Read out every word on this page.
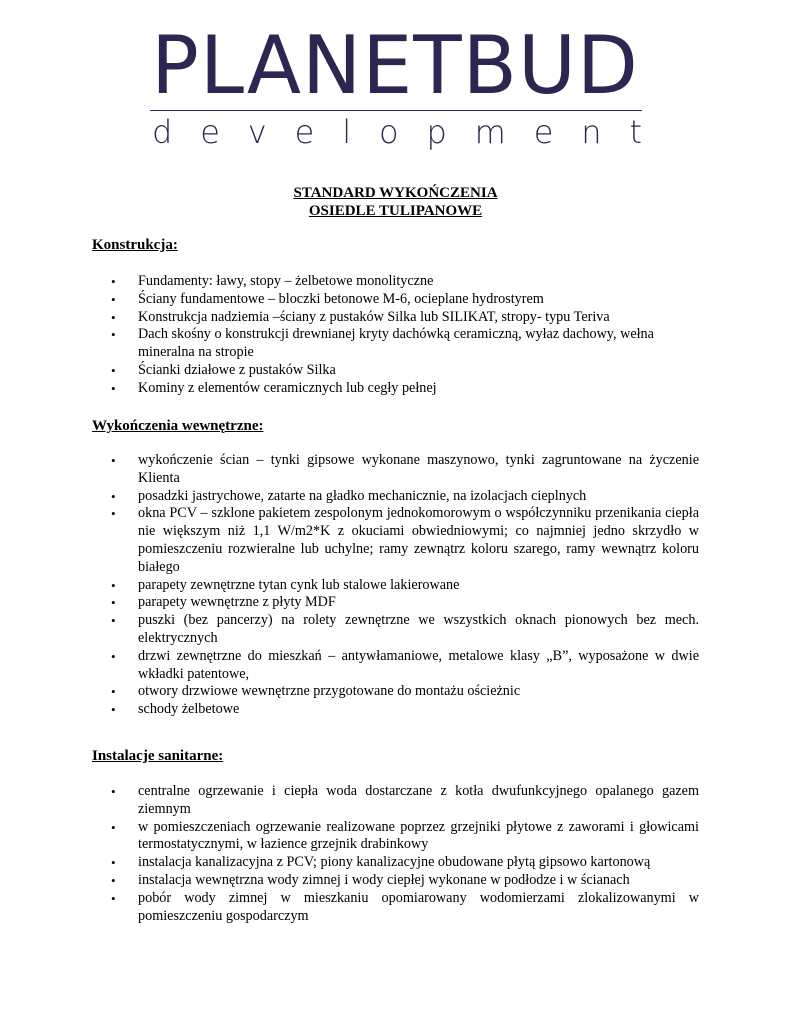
PLANETBUD
d e v e l o p m e n t
STANDARD WYKOŃCZENIA
OSIEDLE TULIPANOWE
Konstrukcja:
• Fundamenty: ławy, stopy – żelbetowe monolityczne
• Ściany fundamentowe – bloczki betonowe M-6, ocieplane hydrostyrem
• Konstrukcja nadziemia –ściany z pustaków Silka lub SILIKAT, stropy- typu Teriva
• Dach skośny o konstrukcji drewnianej kryty dachówką ceramiczną, wyłaz dachowy, wełna mineralna na stropie
• Ścianki działowe z pustaków Silka
• Kominy z elementów ceramicznych lub cegły pełnej
Wykończenia wewnętrzne:
• wykończenie ścian – tynki gipsowe wykonane maszynowo, tynki zagruntowane na życzenie Klienta
• posadzki jastrychowe, zatarte na gładko mechanicznie, na izolacjach cieplnych
• okna PCV – szklone pakietem zespolonym jednokomorowym o współczynniku przenikania ciepła nie większym niż 1,1 W/m2*K z okuciami obwiedniowymi; co najmniej jedno skrzydło w pomieszczeniu rozwieralne lub uchylne; ramy zewnątrz koloru szarego, ramy wewnątrz koloru białego
• parapety zewnętrzne tytan cynk lub stalowe lakierowane
• parapety wewnętrzne z płyty MDF
• puszki (bez pancerzy) na rolety zewnętrzne we wszystkich oknach pionowych bez mech. elektrycznych
• drzwi zewnętrzne do mieszkań – antywłamaniowe, metalowe klasy „B”, wyposażone w dwie wkładki patentowe,
• otwory drzwiowe wewnętrzne przygotowane do montażu ościeżnic
• schody żelbetowe
Instalacje sanitarne:
• centralne ogrzewanie i ciepła woda dostarczane z kotła dwufunkcyjnego opalanego gazem ziemnym
• w pomieszczeniach ogrzewanie realizowane poprzez grzejniki płytowe z zaworami i głowicami termostatycznymi, w łazience grzejnik drabinkowy
• instalacja kanalizacyjna z PCV; piony kanalizacyjne obudowane płytą gipsowo kartonową
• instalacja wewnętrzna wody zimnej i wody ciepłej wykonane w podłodze i w ścianach
• pobór wody zimnej w mieszkaniu opomiarowany wodomierzami zlokalizowanymi w pomieszczeniu gospodarczym
